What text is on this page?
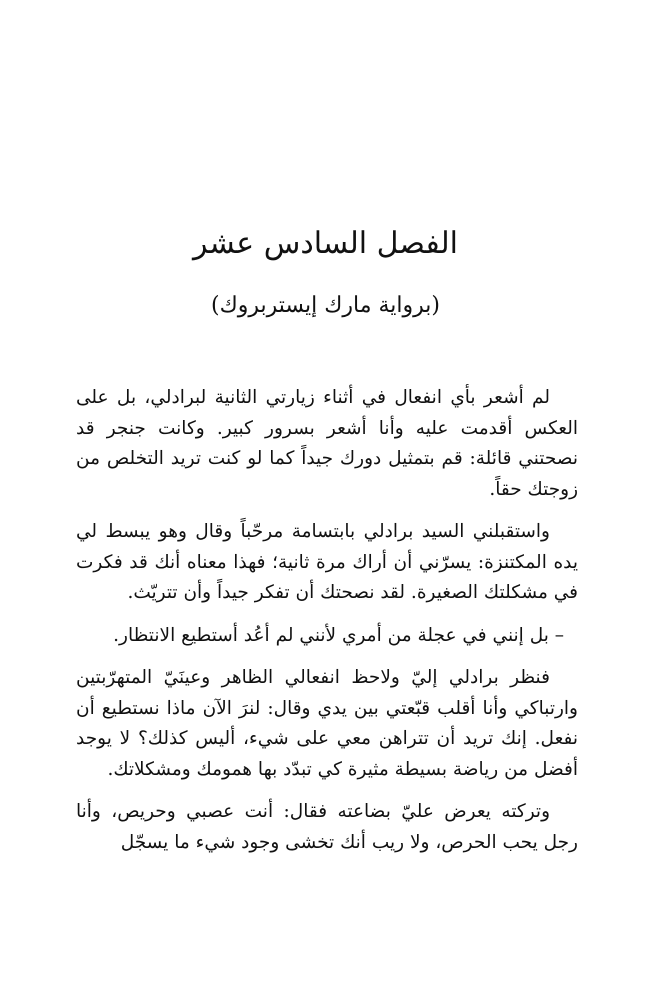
الفصل السادس عشر
(برواية مارك إيستربروك)

لم أشعر بأي انفعال في أثناء زيارتي الثانية لبرادلي، بل على العكس أقدمت عليه وأنا أشعر بسرور كبير. وكانت جنجر قد نصحتني قائلة: قم بتمثيل دورك جيداً كما لو كنت تريد التخلص من زوجتك حقاً.

واستقبلني السيد برادلي بابتسامة مرحّباً وقال وهو يبسط لي يده المكتنزة: يسرّني أن أراك مرة ثانية؛ فهذا معناه أنك قد فكرت في مشكلتك الصغيرة. لقد نصحتك أن تفكر جيداً وأن تتريّث.

– بل إنني في عجلة من أمري لأنني لم أعُد أستطيع الانتظار.

فنظر برادلي إليّ ولاحظ انفعالي الظاهر وعينَيّ المتهرّبتين وارتباكي وأنا أقلب قبّعتي بين يدي وقال: لنرَ الآن ماذا نستطيع أن نفعل. إنك تريد أن تتراهن معي على شيء، أليس كذلك؟ لا يوجد أفضل من رياضة بسيطة مثيرة كي تبدّد بها همومك ومشكلاتك.

وتركته يعرض عليّ بضاعته فقال: أنت عصبي وحريص، وأنا رجل يحب الحرص، ولا ريب أنك تخشى وجود شيء ما يسجّل
